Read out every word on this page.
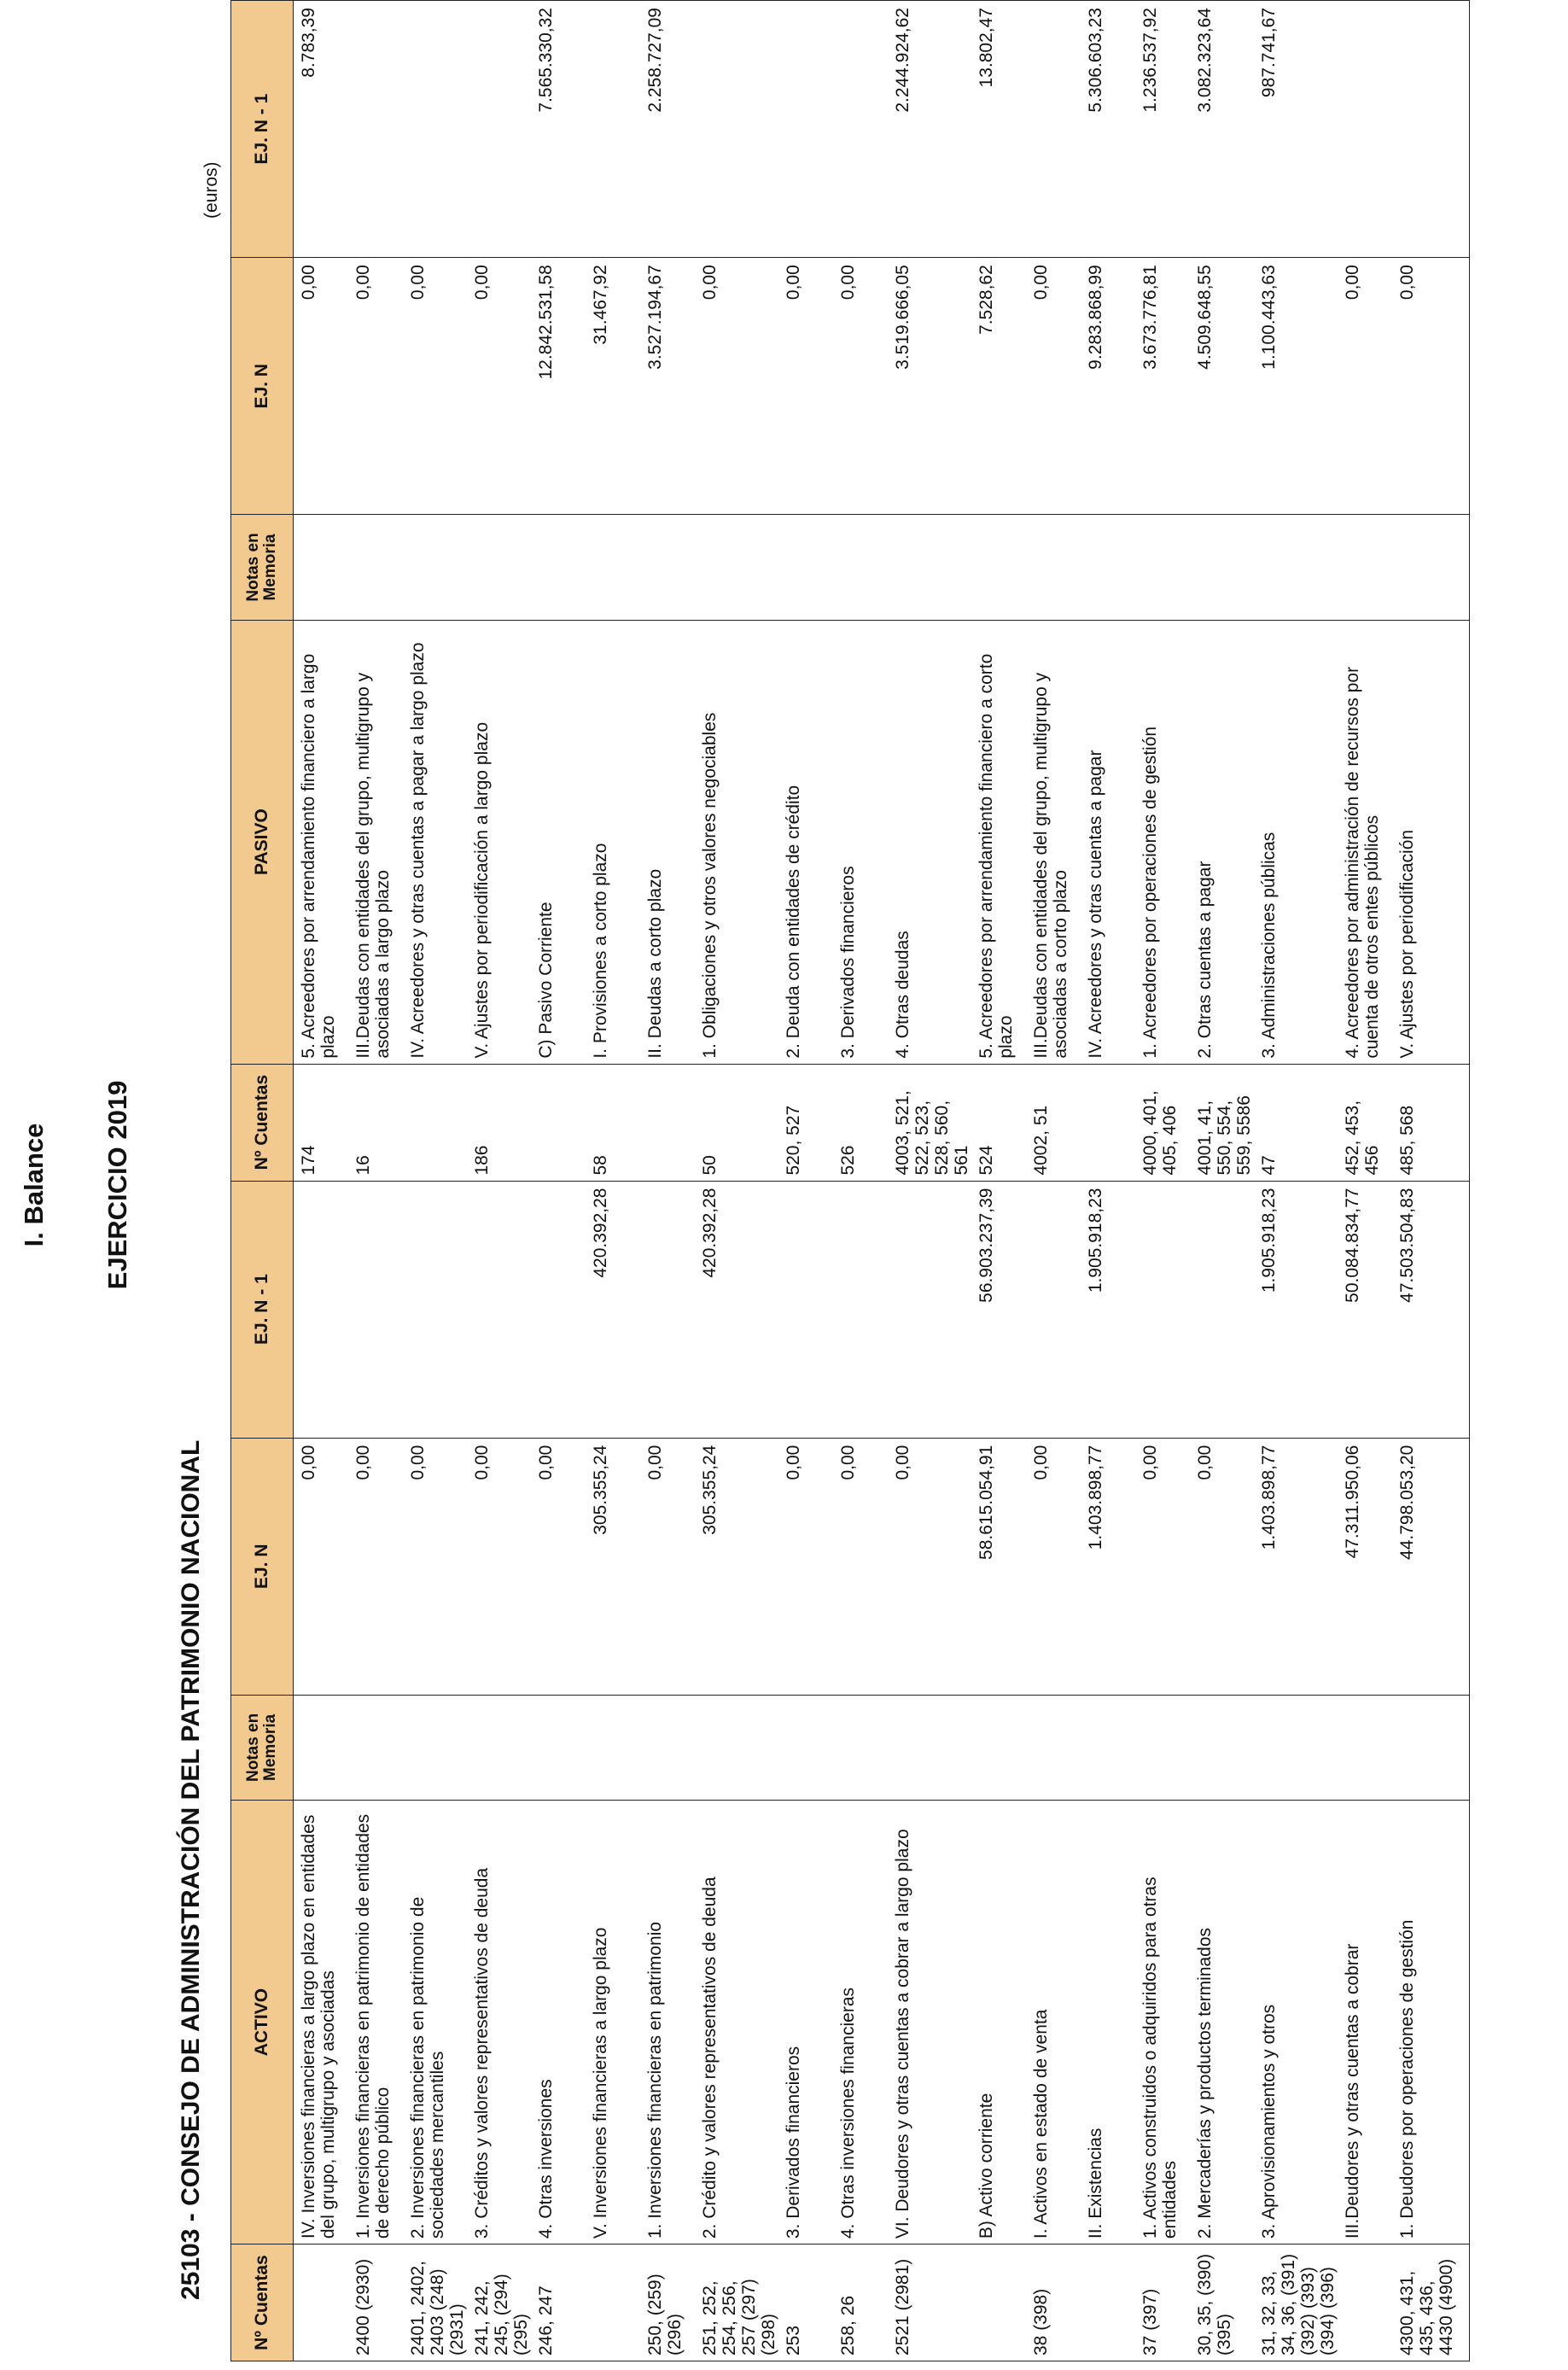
I. Balance EJERCICIO 2019
25103 - CONSEJO DE ADMINISTRACIÓN DEL PATRIMONIO NACIONAL
(euros)
Nº Cuentas	ACTIVO	Notas en Memoria	EJ. N	EJ. N - 1	Nº Cuentas	PASIVO	Notas en Memoria	EJ. N	EJ. N - 1
	IV. Inversiones financieras a largo plazo en entidades del grupo, multigrupo y asociadas		0,00		174	5. Acreedores por arrendamiento financiero a largo plazo		0,00	8.783,39
2400 (2930)	1. Inversiones financieras en patrimonio de entidades de derecho público		0,00		16	III.Deudas con entidades del grupo, multigrupo y asociadas a largo plazo		0,00	
2401, 2402, 2403 (248) (2931)	2. Inversiones financieras en patrimonio de sociedades mercantiles		0,00			IV. Acreedores y otras cuentas a pagar a largo plazo		0,00	
241, 242, 245, (294) (295)	3. Créditos y valores representativos de deuda		0,00		186	V. Ajustes por periodificación a largo plazo		0,00	
246, 247	4. Otras inversiones		0,00			C) Pasivo Corriente		12.842.531,58	7.565.330,32
	V. Inversiones financieras a largo plazo		305.355,24	420.392,28	58	I. Provisiones a corto plazo		31.467,92	
250, (259) (296)	1. Inversiones financieras en patrimonio		0,00			II. Deudas a corto plazo		3.527.194,67	2.258.727,09
251, 252, 254, 256, 257 (297) (298)	2. Crédito y valores representativos de deuda		305.355,24	420.392,28	50	1. Obligaciones y otros valores negociables		0,00	
253	3. Derivados financieros		0,00		520, 527	2. Deuda con entidades de crédito		0,00	
258, 26	4. Otras inversiones financieras		0,00		526	3. Derivados financieros		0,00	
2521 (2981)	VI. Deudores y otras cuentas a cobrar a largo plazo		0,00		4003, 521, 522, 523, 528, 560, 561	4. Otras deudas		3.519.666,05	2.244.924,62
	B) Activo corriente		58.615.054,91	56.903.237,39	524	5. Acreedores por arrendamiento financiero a corto plazo		7.528,62	13.802,47
38 (398)	I. Activos en estado de venta		0,00		4002, 51	III.Deudas con entidades del grupo, multigrupo y asociadas a corto plazo		0,00	
	II. Existencias		1.403.898,77	1.905.918,23		IV. Acreedores y otras cuentas a pagar		9.283.868,99	5.306.603,23
37 (397)	1. Activos construidos o adquiridos para otras entidades		0,00		4000, 401, 405, 406	1. Acreedores por operaciones de gestión		3.673.776,81	1.236.537,92
30, 35, (390) (395)	2. Mercaderías y productos terminados		0,00		4001, 41, 550, 554, 559, 5586	2. Otras cuentas a pagar		4.509.648,55	3.082.323,64
31, 32, 33, 34, 36, (391) (392) (393) (394) (396)	3. Aprovisionamientos y otros		1.403.898,77	1.905.918,23	47	3. Administraciones públicas		1.100.443,63	987.741,67
	III.Deudores y otras cuentas a cobrar		47.311.950,06	50.084.834,77	452, 453, 456	4. Acreedores por administración de recursos por cuenta de otros entes públicos		0,00	
4300, 431, 435, 436, 4430 (4900)	1. Deudores por operaciones de gestión		44.798.053,20	47.503.504,83	485, 568	V. Ajustes por periodificación		0,00	
